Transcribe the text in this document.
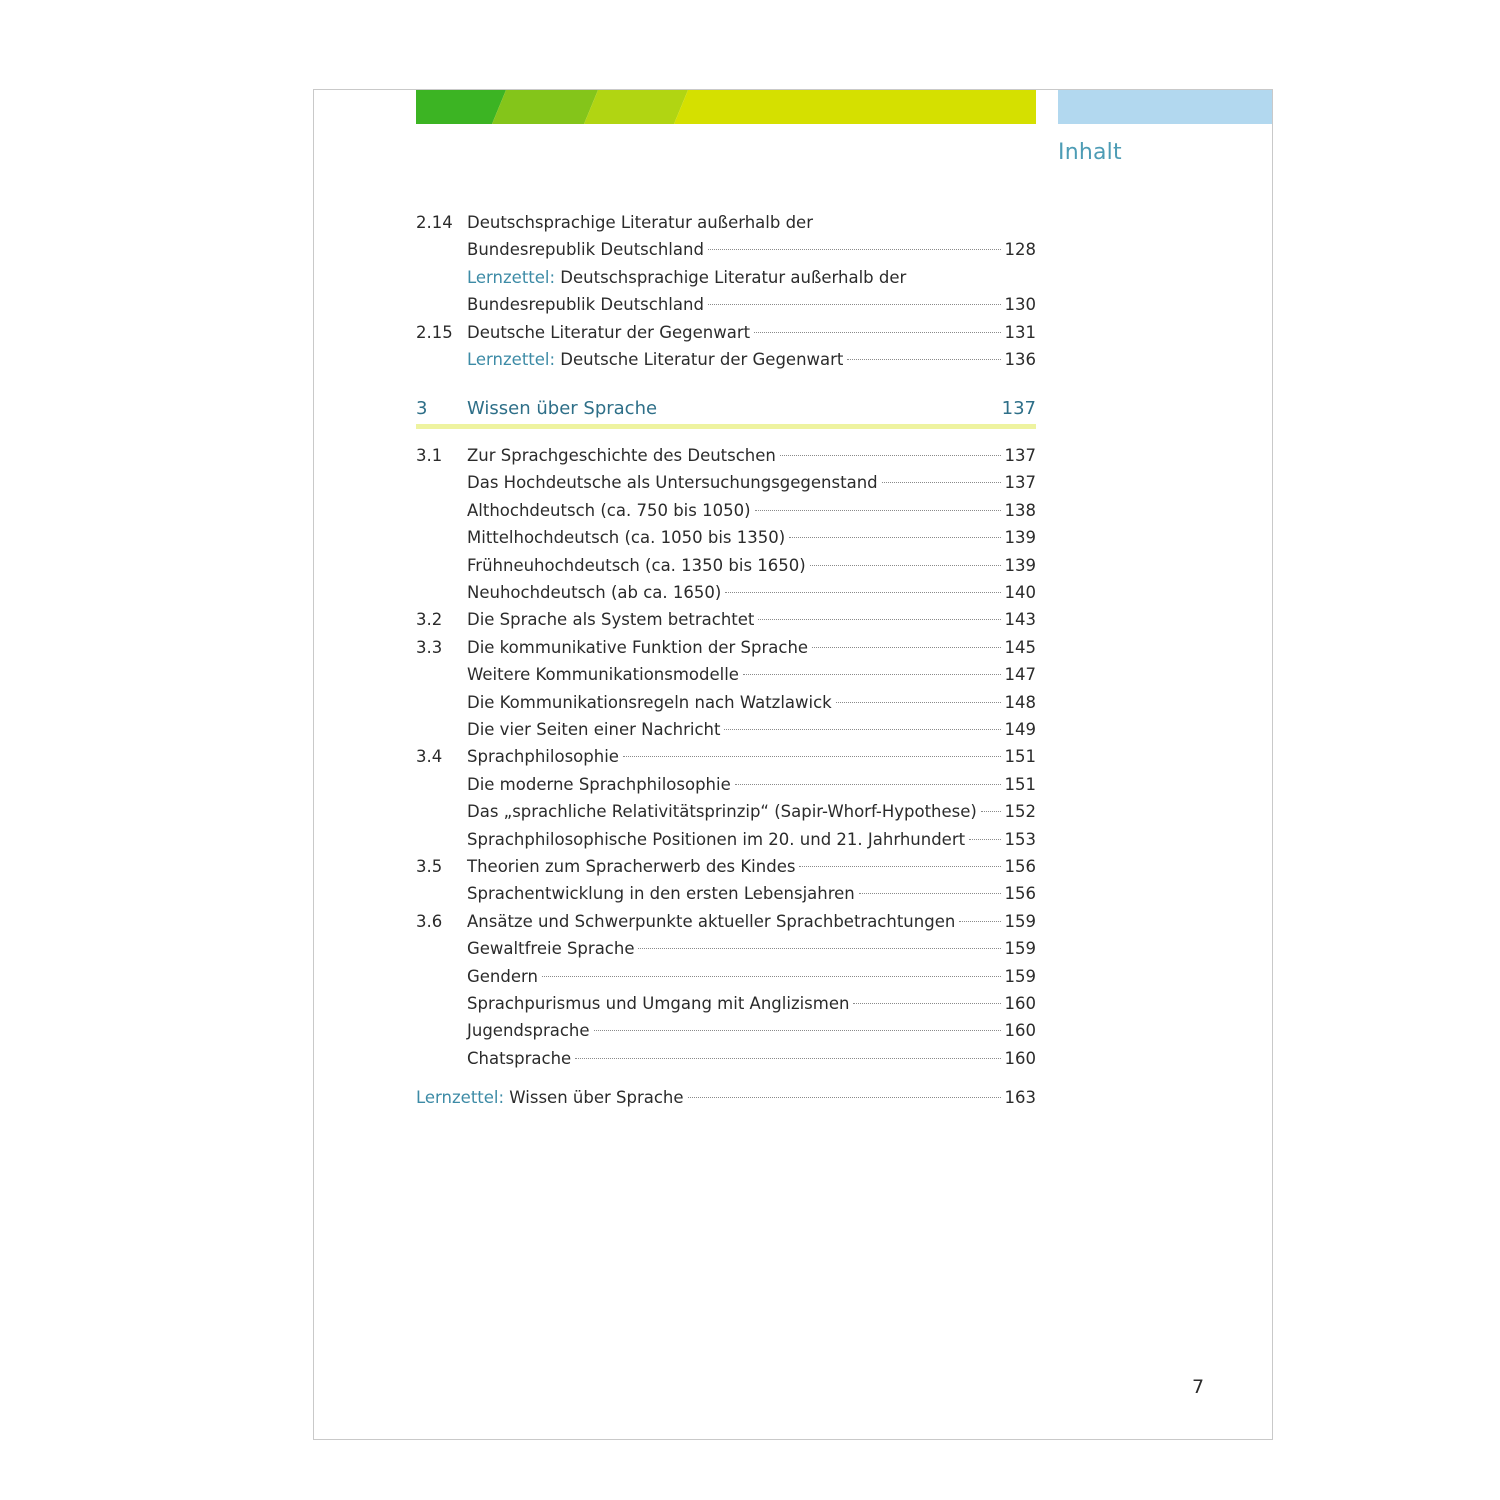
Inhalt
2.14 Deutschsprachige Literatur außerhalb der
Bundesrepublik Deutschland	128
Lernzettel: Deutschsprachige Literatur außerhalb der
Bundesrepublik Deutschland	130
2.15 Deutsche Literatur der Gegenwart	131
Lernzettel: Deutsche Literatur der Gegenwart	136
3 Wissen über Sprache	137
3.1 Zur Sprachgeschichte des Deutschen	137
Das Hochdeutsche als Untersuchungsgegenstand	137
Althochdeutsch (ca. 750 bis 1050)	138
Mittelhochdeutsch (ca. 1050 bis 1350)	139
Frühneuhochdeutsch (ca. 1350 bis 1650)	139
Neuhochdeutsch (ab ca. 1650)	140
3.2 Die Sprache als System betrachtet	143
3.3 Die kommunikative Funktion der Sprache	145
Weitere Kommunikationsmodelle	147
Die Kommunikationsregeln nach Watzlawick	148
Die vier Seiten einer Nachricht	149
3.4 Sprachphilosophie	151
Die moderne Sprachphilosophie	151
Das „sprachliche Relativitätsprinzip“ (Sapir-Whorf-Hypothese) 152
Sprachphilosophische Positionen im 20. und 21. Jahrhundert 153
3.5 Theorien zum Spracherwerb des Kindes	156
Sprachentwicklung in den ersten Lebensjahren	156
3.6 Ansätze und Schwerpunkte aktueller Sprachbetrachtungen	159
Gewaltfreie Sprache	159
Gendern	159
Sprachpurismus und Umgang mit Anglizismen	160
Jugendsprache	160
Chatsprache	160
Lernzettel: Wissen über Sprache	163
7
